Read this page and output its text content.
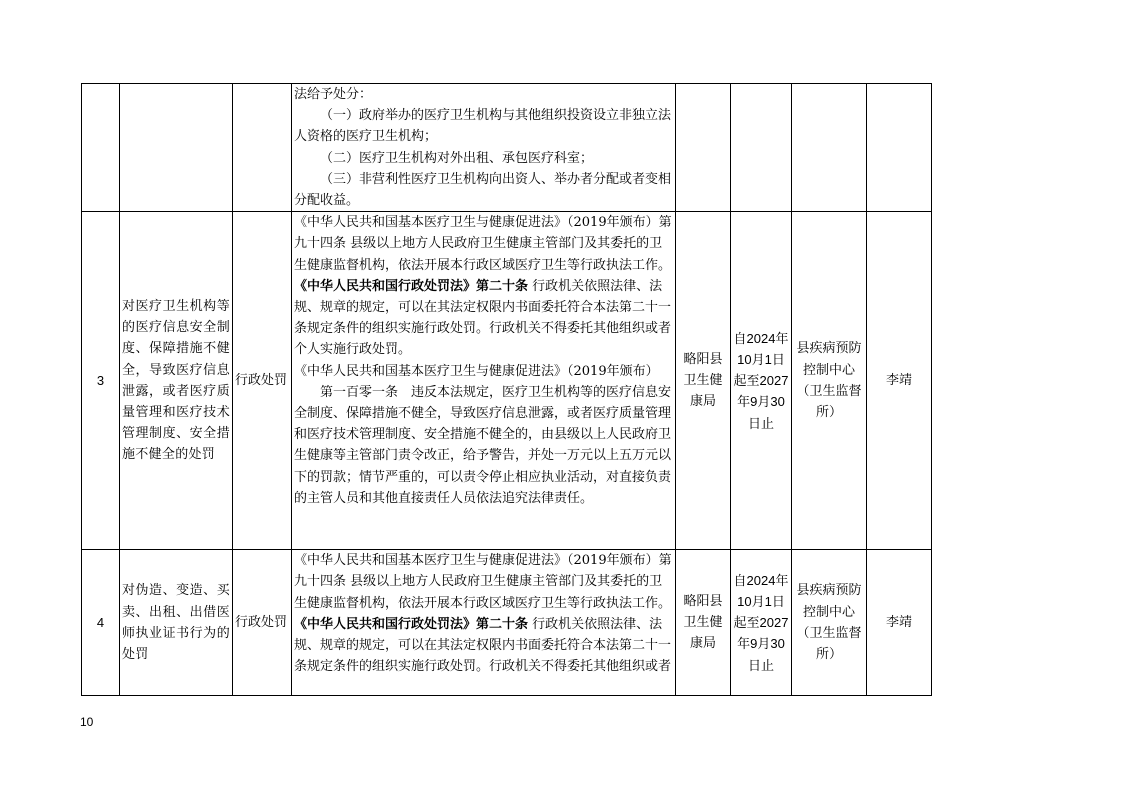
			法给予处分：

（一）政府举办的医疗卫生机构与其他组织投资设立非独立法人资格的医疗卫生机构；

（二）医疗卫生机构对外出租、承包医疗科室；

（三）非营利性医疗卫生机构向出资人、举办者分配或者变相分配收益。				

3	对医疗卫生机构等的医疗信息安全制度、保障措施不健全，导致医疗信息泄露，或者医疗质量管理和医疗技术管理制度、安全措施不健全的处罚	行政处罚	《中华人民共和国基本医疗卫生与健康促进法》（2019年颁布）第九十四条 县级以上地方人民政府卫生健康主管部门及其委托的卫生健康监督机构，依法开展本行政区域医疗卫生等行政执法工作。

《中华人民共和国行政处罚法》第二十条 行政机关依照法律、法规、规章的规定，可以在其法定权限内书面委托符合本法第二十一条规定条件的组织实施行政处罚。行政机关不得委托其他组织或者个人实施行政处罚。

《中华人民共和国基本医疗卫生与健康促进法》（2019年颁布）

第一百零一条　违反本法规定，医疗卫生机构等的医疗信息安全制度、保障措施不健全，导致医疗信息泄露，或者医疗质量管理和医疗技术管理制度、安全措施不健全的，由县级以上人民政府卫生健康等主管部门责令改正，给予警告，并处一万元以上五万元以下的罚款；情节严重的，可以责令停止相应执业活动，对直接负责的主管人员和其他直接责任人员依法追究法律责任。	略阳县卫生健康局	自2024年10月1日起至2027年9月30日止	县疾病预防控制中心（卫生监督所）	李靖
4	对伪造、变造、买卖、出租、出借医师执业证书行为的处罚	行政处罚	《中华人民共和国基本医疗卫生与健康促进法》（2019年颁布）第九十四条 县级以上地方人民政府卫生健康主管部门及其委托的卫生健康监督机构，依法开展本行政区域医疗卫生等行政执法工作。

《中华人民共和国行政处罚法》第二十条 行政机关依照法律、法规、规章的规定，可以在其法定权限内书面委托符合本法第二十一条规定条件的组织实施行政处罚。行政机关不得委托其他组织或者	略阳县卫生健康局	自2024年10月1日起至2027年9月30日止	县疾病预防控制中心（卫生监督所）	李靖
10
